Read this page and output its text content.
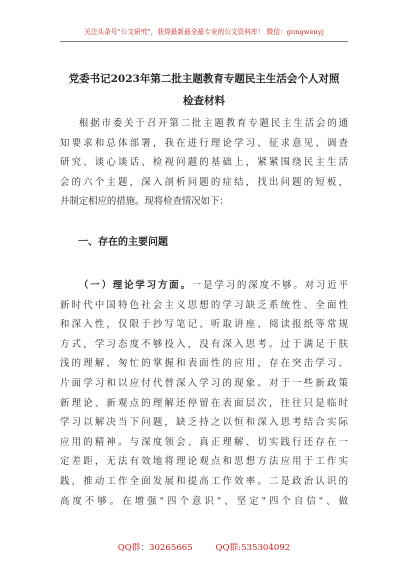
关注头条号"公文研究"，获得最新最全最专业的公文资料库！ 微信：gongwenyj
党委书记2023年第二批主题教育专题民主生活会个人对照
检查材料
根据市委关于召开第二批主题教育专题民主生活会的通
知要求和总体部署，我在进行理论学习、征求意见、调查
研究、谈心谈话、检视问题的基础上，紧紧围绕民主生活
会的六个主题，深入剖析问题的症结，找出问题的短板，
并制定相应的措施。现将检查情况如下：
一、存在的主要问题
（一）理论学习方面。一是学习的深度不够。对习近平
新时代中国特色社会主义思想的学习缺乏系统性、全面性
和深入性，仅限于抄写笔记、听取讲座、阅读报纸等常规
方式，学习态度不够投入，没有深入思考。过于满足于肤
浅的理解、匆忙的掌握和表面性的应用，存在突击学习、
片面学习和以应付代替深入学习的现象。对于一些新政策
新理论、新观点的理解还停留在表面层次，往往只是临时
学习以解决当下问题，缺乏持之以恒和深入思考结合实际
应用的精神。与深度领会、真正理解、切实践行还存在一
定差距，无法有效地将理论观点和思想方法应用于工作实
践，推动工作全面发展和提高工作效率。二是政治认识的
高度不够。在增强"四个意识"、坚定"四个自信"、做
QQ群：30265665	QQ群:535304092
